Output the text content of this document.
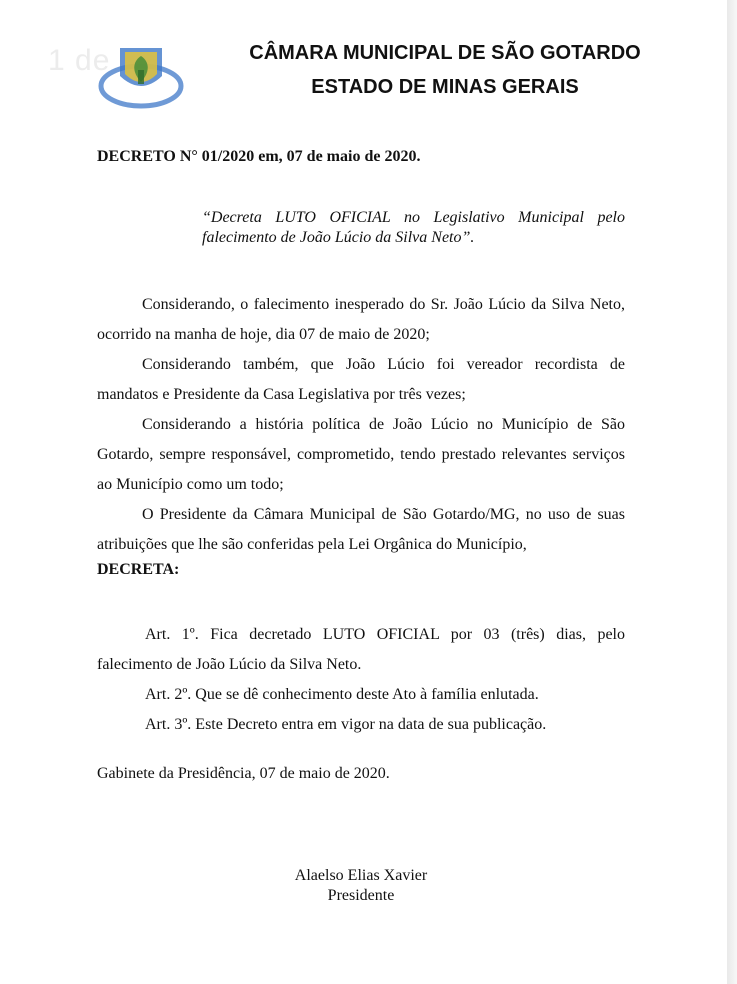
1 de	CÂMARA MUNICIPAL DE SÃO GOTARDO
ESTADO DE MINAS GERAIS
DECRETO N° 01/2020 em, 07 de maio de 2020.
“Decreta LUTO OFICIAL no Legislativo Municipal pelo falecimento de João Lúcio da Silva Neto”.

Considerando, o falecimento inesperado do Sr. João Lúcio da Silva Neto, ocorrido na manha de hoje, dia 07 de maio de 2020;

Considerando também, que João Lúcio foi vereador recordista de mandatos e Presidente da Casa Legislativa por três vezes;

Considerando a história política de João Lúcio no Município de São Gotardo, sempre responsável, comprometido, tendo prestado relevantes serviços ao Município como um todo;

O Presidente da Câmara Municipal de São Gotardo/MG, no uso de suas atribuições que lhe são conferidas pela Lei Orgânica do Município,

DECRETA:

Art. 1º. Fica decretado LUTO OFICIAL por 03 (três) dias, pelo falecimento de João Lúcio da Silva Neto.

Art. 2º. Que se dê conhecimento deste Ato à família enlutada.

Art. 3º. Este Decreto entra em vigor na data de sua publicação.

Gabinete da Presidência, 07 de maio de 2020.
Alaelso Elias Xavier
Presidente
